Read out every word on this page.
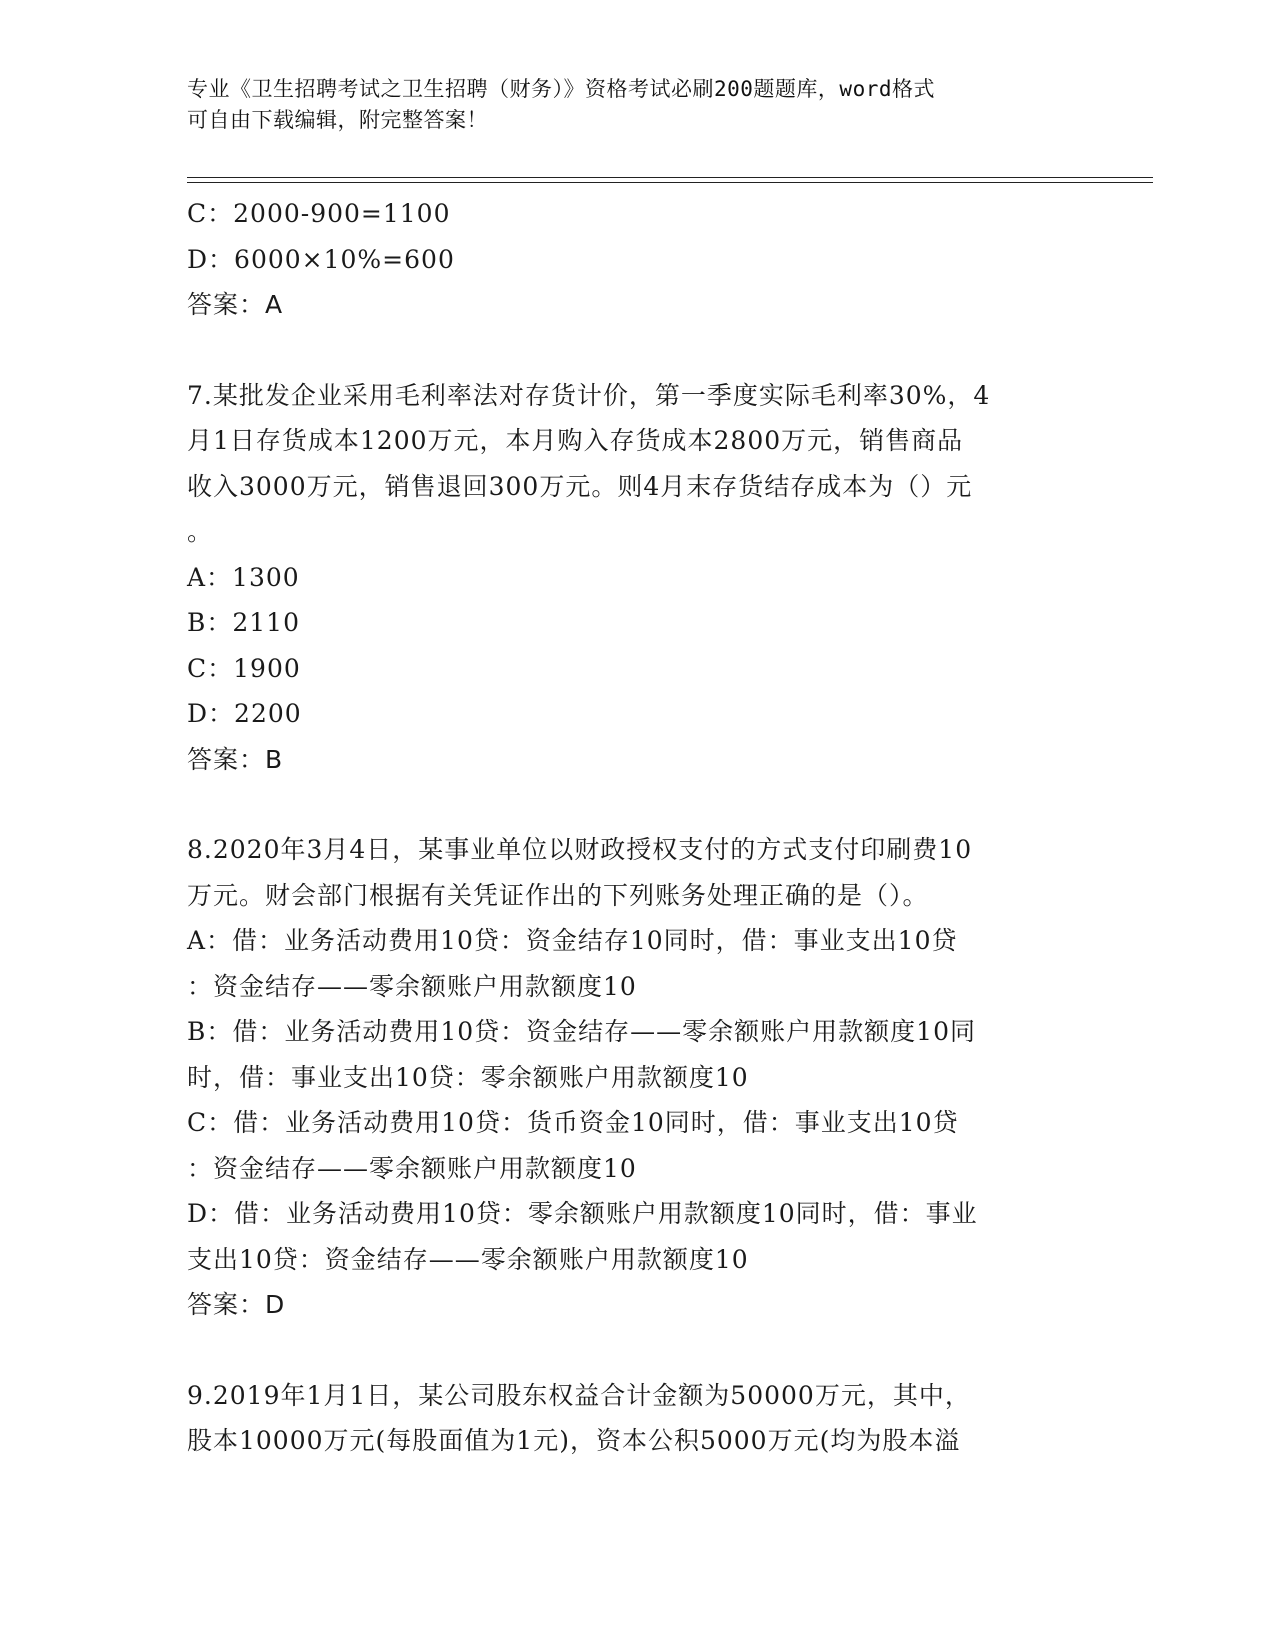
专业《卫生招聘考试之卫生招聘（财务）》资格考试必刷200题题库，word格式
可自由下载编辑，附完整答案！
C：2000-900=1100
D：6000×10%=600
答案：A
7.某批发企业采用毛利率法对存货计价，第一季度实际毛利率30%，4
月1日存货成本1200万元，本月购入存货成本2800万元，销售商品
收入3000万元，销售退回300万元。则4月末存货结存成本为（）元
。
A：1300
B：2110
C：1900
D：2200
答案：B
8.2020年3月4日，某事业单位以财政授权支付的方式支付印刷费10
万元。财会部门根据有关凭证作出的下列账务处理正确的是（）。
A：借：业务活动费用10贷：资金结存10同时，借：事业支出10贷
：资金结存——零余额账户用款额度10
B：借：业务活动费用10贷：资金结存——零余额账户用款额度10同
时，借：事业支出10贷：零余额账户用款额度10
C：借：业务活动费用10贷：货币资金10同时，借：事业支出10贷
：资金结存——零余额账户用款额度10
D：借：业务活动费用10贷：零余额账户用款额度10同时，借：事业
支出10贷：资金结存——零余额账户用款额度10
答案：D
9.2019年1月1日，某公司股东权益合计金额为50000万元，其中，
股本10000万元(每股面值为1元)，资本公积5000万元(均为股本溢
